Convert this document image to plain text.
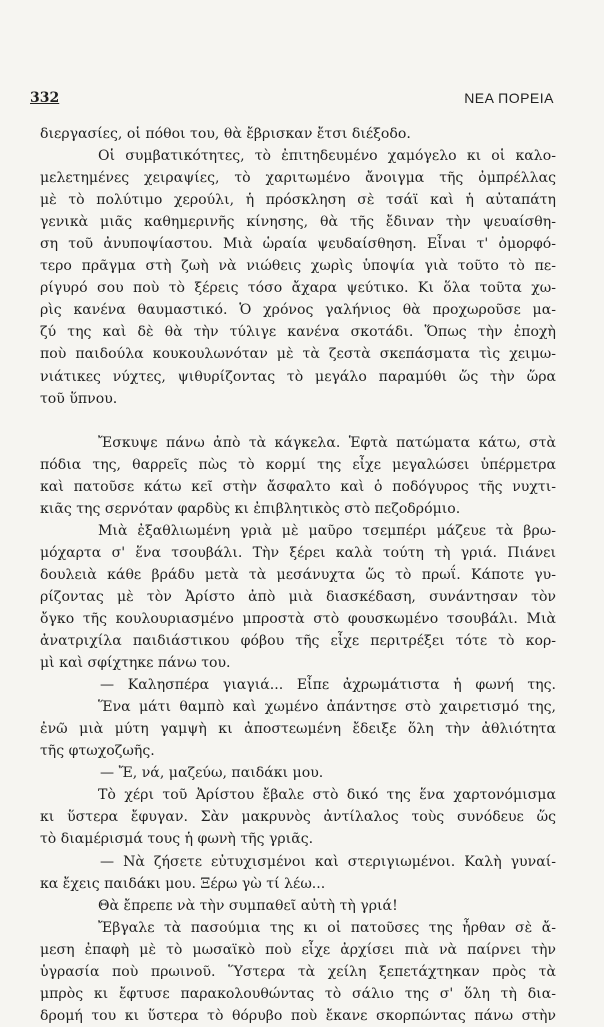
332	ΝΕΑ ΠΟΡΕΙΑ
διεργασίες, οἱ πόθοι του, θὰ ἔβρισκαν ἔτσι διέξοδο.
Οἱ συμβατικότητες, τὸ ἐπιτηδευμένο χαμόγελο κι οἱ καλο-
μελετημένες χειραψίες, τὸ χαριτωμένο ἄνοιγμα τῆς ὀμπρέλλας
μὲ τὸ πολύτιμο χερούλι, ἡ πρόσκληση σὲ τσάϊ καὶ ἡ αὐταπάτη
γενικὰ μιᾶς καθημερινῆς κίνησης, θὰ τῆς ἔδιναν τὴν ψευαίσθη-
ση τοῦ ἀνυποψίαστου. Μιὰ ὡραία ψευδαίσθηση. Εἶναι τ' ὀμορφό-
τερο πρᾶγμα στὴ ζωὴ νὰ νιώθεις χωρὶς ὑποψία γιὰ τοῦτο τὸ πε-
ρίγυρό σου ποὺ τὸ ξέρεις τόσο ἄχαρα ψεύτικο. Κι ὅλα τοῦτα χω-
ρὶς κανένα θαυμαστικό. Ὁ χρόνος γαλήνιος θὰ προχωροῦσε μα-
ζύ της καὶ δὲ θὰ τὴν τύλιγε κανένα σκοτάδι. Ὅπως τὴν ἐποχὴ
ποὺ παιδούλα κουκουλωνόταν μὲ τὰ ζεστὰ σκεπάσματα τὶς χειμω-
νιάτικες νύχτες, ψιθυρίζοντας τὸ μεγάλο παραμύθι ὥς τὴν ὥρα
τοῦ ὕπνου.
Ἔσκυψε πάνω ἀπὸ τὰ κάγκελα. Ἑφτὰ πατώματα κάτω, στὰ
πόδια της, θαρρεῖς πὼς τὸ κορμί της εἶχε μεγαλώσει ὑπέρμετρα
καὶ πατοῦσε κάτω κεῖ στὴν ἄσφαλτο καὶ ὁ ποδόγυρος τῆς νυχτι-
κιᾶς της σερνόταν φαρδὺς κι ἐπιβλητικὸς στὸ πεζοδρόμιο.
Μιὰ ἐξαθλιωμένη γριὰ μὲ μαῦρο τσεμπέρι μάζευε τὰ βρω-
μόχαρτα σ' ἕνα τσουβάλι. Τὴν ξέρει καλὰ τούτη τὴ γριά. Πιάνει
δουλειὰ κάθε βράδυ μετὰ τὰ μεσάνυχτα ὥς τὸ πρωΐ. Κάποτε γυ-
ρίζοντας μὲ τὸν Ἀρίστο ἀπὸ μιὰ διασκέδαση, συνάντησαν τὸν
ὄγκο τῆς κουλουριασμένο μπροστὰ στὸ φουσκωμένο τσουβάλι. Μιὰ
ἀνατριχίλα παιδιάστικου φόβου τῆς εἶχε περιτρέξει τότε τὸ κορ-
μὶ καὶ σφίχτηκε πάνω του.
— Καλησπέρα γιαγιά... Εἶπε ἀχρωμάτιστα ἡ φωνή της.
Ἕνα μάτι θαμπὸ καὶ χωμένο ἀπάντησε στὸ χαιρετισμό της,
ἐνῶ μιὰ μύτη γαμψὴ κι ἀποστεωμένη ἔδειξε ὅλη τὴν ἀθλιότητα
τῆς φτωχοζωῆς.
— Ἔ, νά, μαζεύω, παιδάκι μου.
Τὸ χέρι τοῦ Ἀρίστου ἔβαλε στὸ δικό της ἕνα χαρτονόμισμα
κι ὕστερα ἔφυγαν. Σὰν μακρυνὸς ἀντίλαλος τοὺς συνόδευε ὥς
τὸ διαμέρισμά τους ἡ φωνὴ τῆς γριᾶς.
— Νὰ ζήσετε εὐτυχισμένοι καὶ στεριγιωμένοι. Καλὴ γυναί-
κα ἔχεις παιδάκι μου. Ξέρω γὼ τί λέω...
Θὰ ἔπρεπε νὰ τὴν συμπαθεῖ αὐτὴ τὴ γριά!
Ἔβγαλε τὰ πασούμια της κι οἱ πατοῦσες της ἦρθαν σὲ ἄ-
μεση ἐπαφὴ μὲ τὸ μωσαϊκὸ ποὺ εἶχε ἀρχίσει πιὰ νὰ παίρνει τὴν
ὑγρασία ποὺ πρωινοῦ. Ὕστερα τὰ χείλη ξεπετάχτηκαν πρὸς τὰ
μπρὸς κι ἔφτυσε παρακολουθώντας τὸ σάλιο της σ' ὅλη τὴ δια-
δρομή του κι ὕστερα τὸ θόρυβο ποὺ ἔκανε σκορπώντας πάνω στὴν
